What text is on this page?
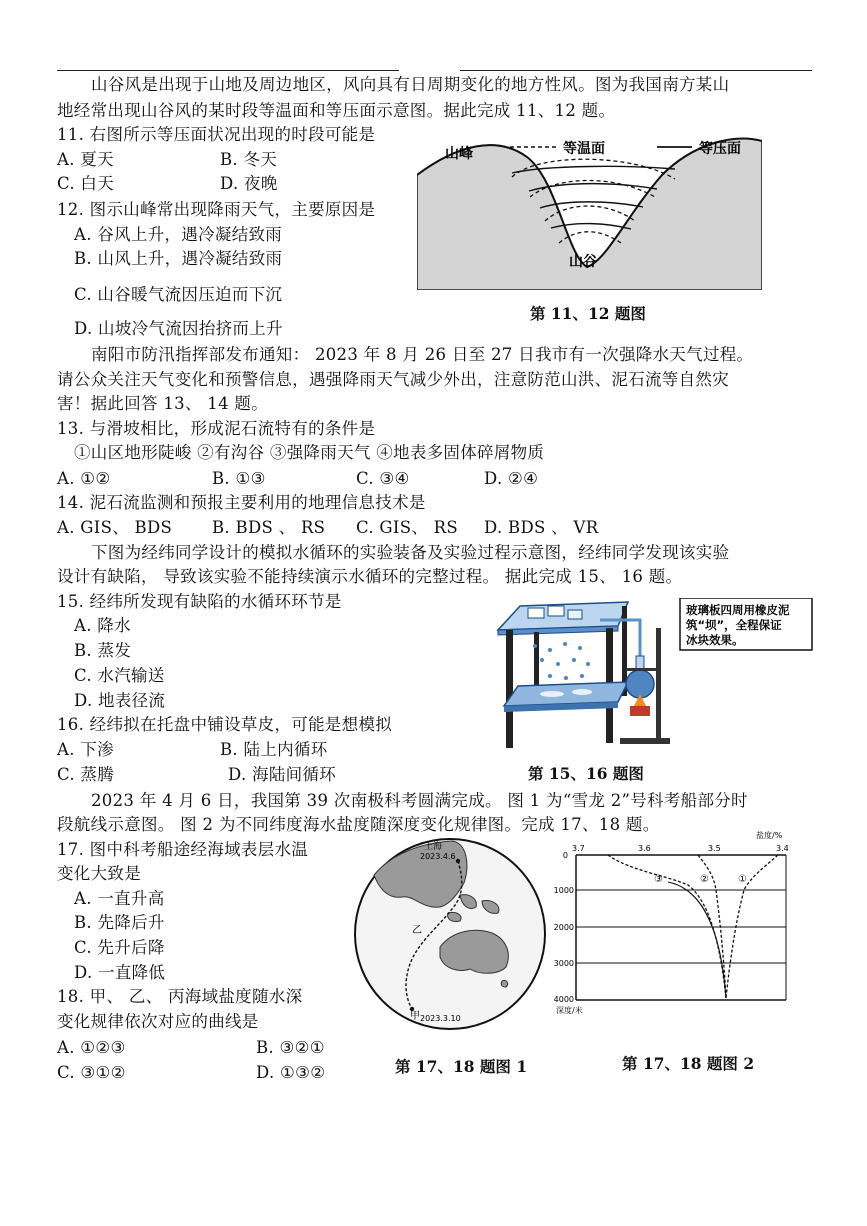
山谷风是出现于山地及周边地区，风向具有日周期变化的地方性风。图为我国南方某山
地经常出现山谷风的某时段等温面和等压面示意图。据此完成 11、12 题。
11. 右图所示等压面状况出现的时段可能是
A. 夏天	B. 冬天
C. 白天	D. 夜晚
12. 图示山峰常出现降雨天气，主要原因是
A. 谷风上升，遇冷凝结致雨
B. 山风上升，遇冷凝结致雨
C. 山谷暖气流因压迫而下沉
D. 山坡冷气流因抬挤而上升
山峰
山谷
等温面	等压面
第 11、12 题图
南阳市防汛指挥部发布通知： 2023 年 8 月 26 日至 27 日我市有一次强降水天气过程。
请公众关注天气变化和预警信息，遇强降雨天气减少外出，注意防范山洪、泥石流等自然灾
害！据此回答 13、 14 题。
13. 与滑坡相比，形成泥石流特有的条件是
①山区地形陡峻 ②有沟谷 ③强降雨天气 ④地表多固体碎屑物质
A. ①②	B. ①③	C. ③④	D. ②④
14. 泥石流监测和预报主要利用的地理信息技术是
A. GIS、 BDS B. BDS 、 RS C. GIS、 RS D. BDS 、 VR
下图为经纬同学设计的模拟水循环的实验装备及实验过程示意图，经纬同学发现该实验
设计有缺陷， 导致该实验不能持续演示水循环的完整过程。 据此完成 15、 16 题。
15. 经纬所发现有缺陷的水循环环节是
A. 降水
B. 蒸发
C. 水汽输送
D. 地表径流
16. 经纬拟在托盘中铺设草皮，可能是想模拟
A. 下渗	B. 陆上内循环
C. 蒸腾	D. 海陆间循环
玻璃板四周用橡皮泥
筑“坝”，全程保证
冰块效果。
第 15、16 题图
2023 年 4 月 6 日，我国第 39 次南极科考圆满完成。 图 1 为“雪龙 2”号科考船部分时
段航线示意图。 图 2 为不同纬度海水盐度随深度变化规律图。完成 17、18 题。
17. 图中科考船途经海域表层水温
变化大致是
A. 一直升高
B. 先降后升
C. 先升后降
D. 一直降低
18. 甲、 乙、 丙海域盐度随水深
变化规律依次对应的曲线是
A. ①②③	B. ③②①
C. ③①②	D. ①③②
上海
2023.4.6
乙
甲 2023.3.10
第 17、18 题图 1
盐度/%
3.7	3.6	3.5	3.4
0
1000
2000
3000
4000
深度/米
③	②	①
第 17、18 题图 2
